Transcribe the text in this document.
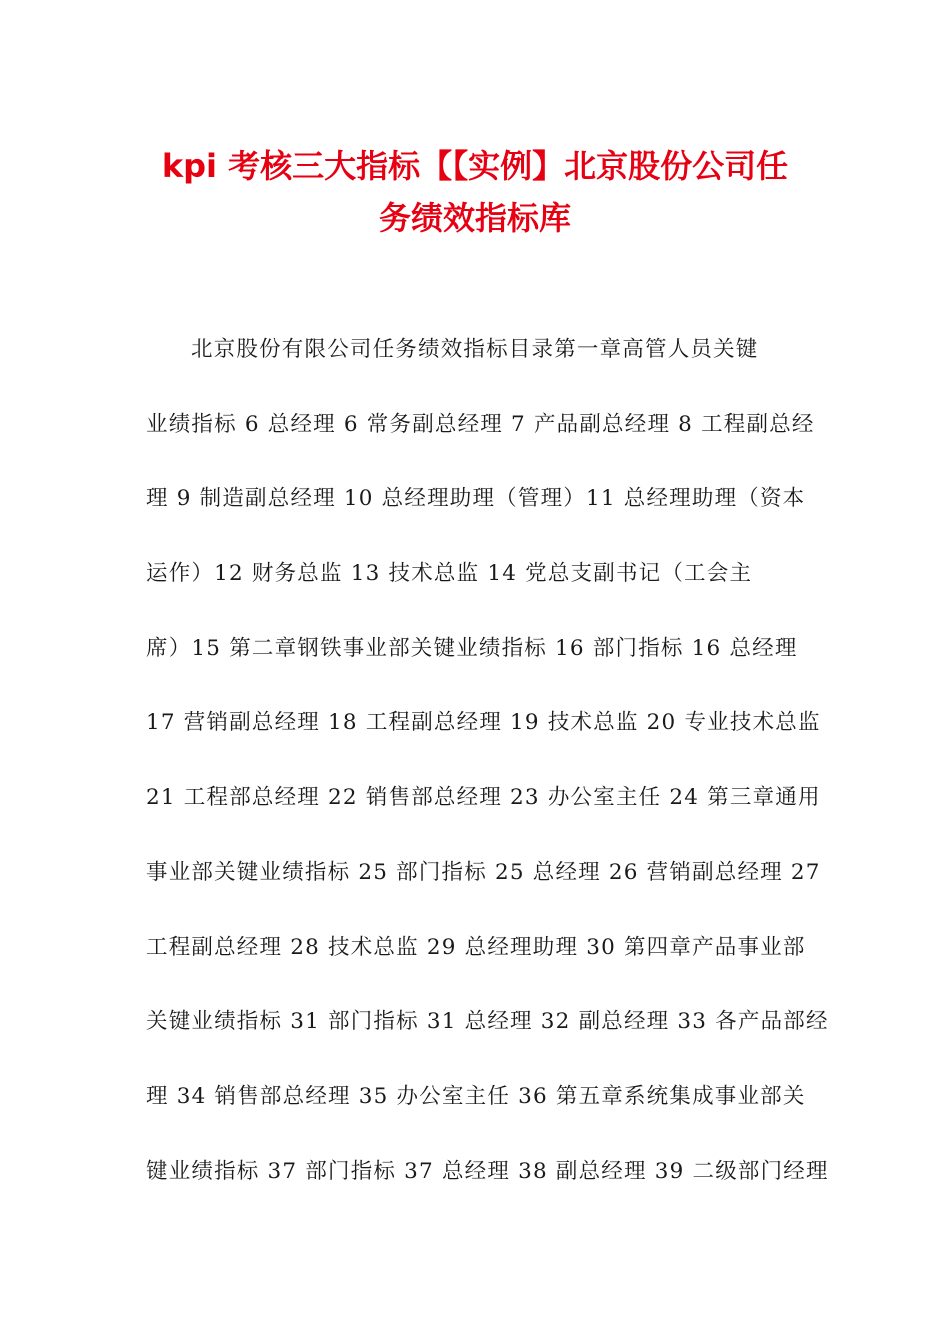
kpi 考核三大指标【【实例】北京股份公司任
务绩效指标库
北京股份有限公司任务绩效指标目录第一章高管人员关键
业绩指标 6 总经理 6 常务副总经理 7 产品副总经理 8 工程副总经
理 9 制造副总经理 10 总经理助理（管理）11 总经理助理（资本
运作）12 财务总监 13 技术总监 14 党总支副书记（工会主
席）15 第二章钢铁事业部关键业绩指标 16 部门指标 16 总经理
17 营销副总经理 18 工程副总经理 19 技术总监 20 专业技术总监
21 工程部总经理 22 销售部总经理 23 办公室主任 24 第三章通用
事业部关键业绩指标 25 部门指标 25 总经理 26 营销副总经理 27
工程副总经理 28 技术总监 29 总经理助理 30 第四章产品事业部
关键业绩指标 31 部门指标 31 总经理 32 副总经理 33 各产品部经
理 34 销售部总经理 35 办公室主任 36 第五章系统集成事业部关
键业绩指标 37 部门指标 37 总经理 38 副总经理 39 二级部门经理
